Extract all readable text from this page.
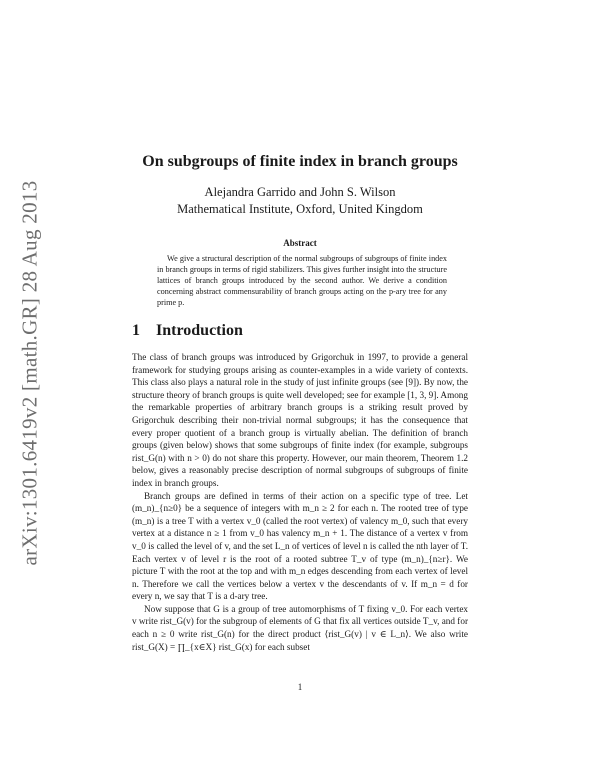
arXiv:1301.6419v2 [math.GR] 28 Aug 2013
On subgroups of finite index in branch groups
Alejandra Garrido and John S. Wilson
Mathematical Institute, Oxford, United Kingdom
Abstract

We give a structural description of the normal subgroups of subgroups of finite index in branch groups in terms of rigid stabilizers. This gives further insight into the structure lattices of branch groups introduced by the second author. We derive a condition concerning abstract commensurability of branch groups acting on the p-ary tree for any prime p.

1 Introduction

The class of branch groups was introduced by Grigorchuk in 1997, to provide a general framework for studying groups arising as counter-examples in a wide variety of contexts. This class also plays a natural role in the study of just infinite groups (see [9]). By now, the structure theory of branch groups is quite well developed; see for example [1, 3, 9]. Among the remarkable properties of arbitrary branch groups is a striking result proved by Grigorchuk describing their non-trivial normal subgroups; it has the consequence that every proper quotient of a branch group is virtually abelian. The definition of branch groups (given below) shows that some subgroups of finite index (for example, subgroups rist_G(n) with n > 0) do not share this property. However, our main theorem, Theorem 1.2 below, gives a reasonably precise description of normal subgroups of subgroups of finite index in branch groups.

Branch groups are defined in terms of their action on a specific type of tree. Let (m_n)_{n≥0} be a sequence of integers with m_n ≥ 2 for each n. The rooted tree of type (m_n) is a tree T with a vertex v_0 (called the root vertex) of valency m_0, such that every vertex at a distance n ≥ 1 from v_0 has valency m_n + 1. The distance of a vertex v from v_0 is called the level of v, and the set L_n of vertices of level n is called the nth layer of T. Each vertex v of level r is the root of a rooted subtree T_v of type (m_n)_{n≥r}. We picture T with the root at the top and with m_n edges descending from each vertex of level n. Therefore we call the vertices below a vertex v the descendants of v. If m_n = d for every n, we say that T is a d-ary tree.

Now suppose that G is a group of tree automorphisms of T fixing v_0. For each vertex v write rist_G(v) for the subgroup of elements of G that fix all vertices outside T_v, and for each n ≥ 0 write rist_G(n) for the direct product ⟨rist_G(v) | v ∈ L_n⟩. We also write rist_G(X) = ∏_{x∈X} rist_G(x) for each subset

1
